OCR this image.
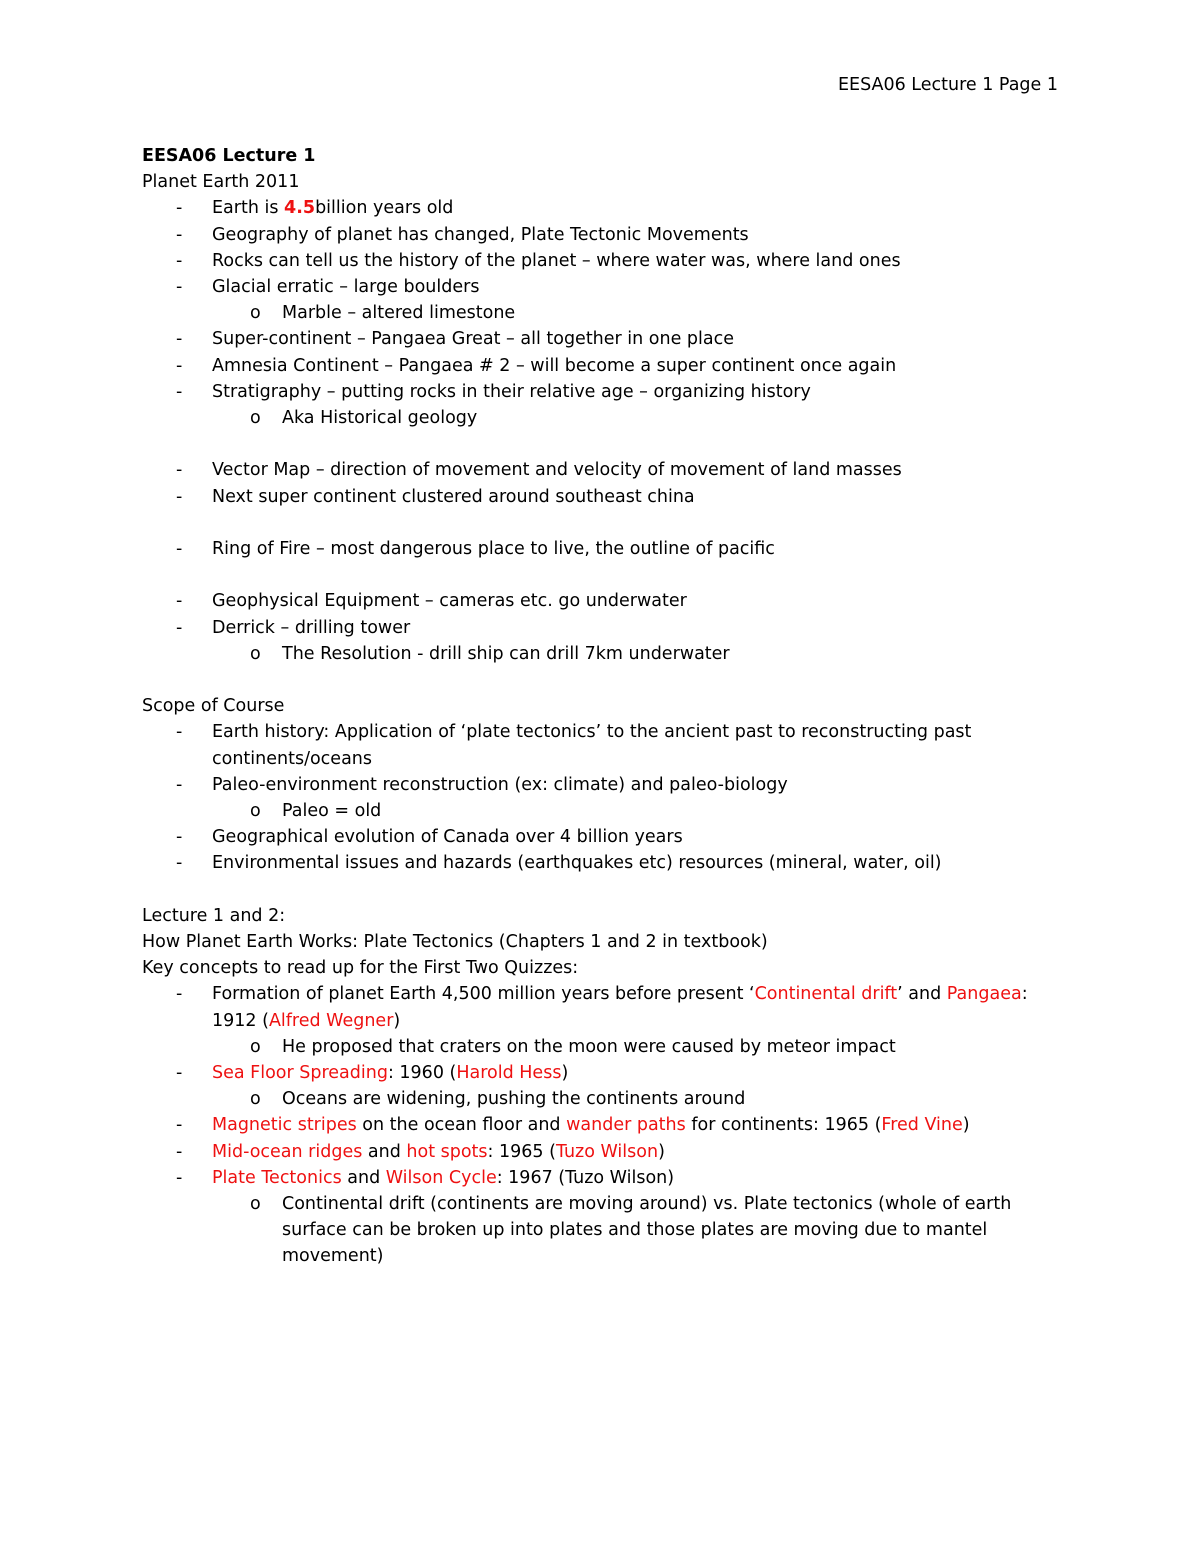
EESA06 Lecture 1 Page 1
EESA06 Lecture 1
Planet Earth 2011
- Earth is 4.5billion years old
- Geography of planet has changed, Plate Tectonic Movements
- Rocks can tell us the history of the planet – where water was, where land ones
- Glacial erratic – large boulders
o Marble – altered limestone
- Super-continent – Pangaea Great – all together in one place
- Amnesia Continent – Pangaea # 2 – will become a super continent once again
- Stratigraphy – putting rocks in their relative age – organizing history
o Aka Historical geology
- Vector Map – direction of movement and velocity of movement of land masses
- Next super continent clustered around southeast china
- Ring of Fire – most dangerous place to live, the outline of pacific
- Geophysical Equipment – cameras etc. go underwater
- Derrick – drilling tower
o The Resolution - drill ship can drill 7km underwater
Scope of Course
- Earth history: Application of ‘plate tectonics’ to the ancient past to reconstructing past continents/oceans
- Paleo-environment reconstruction (ex: climate) and paleo-biology
o Paleo = old
- Geographical evolution of Canada over 4 billion years
- Environmental issues and hazards (earthquakes etc) resources (mineral, water, oil)
Lecture 1 and 2:
How Planet Earth Works: Plate Tectonics (Chapters 1 and 2 in textbook)
Key concepts to read up for the First Two Quizzes:
- Formation of planet Earth 4,500 million years before present ‘Continental drift’ and Pangaea: 1912 (Alfred Wegner)
o He proposed that craters on the moon were caused by meteor impact
- Sea Floor Spreading: 1960 (Harold Hess)
o Oceans are widening, pushing the continents around
- Magnetic stripes on the ocean floor and wander paths for continents: 1965 (Fred Vine)
- Mid-ocean ridges and hot spots: 1965 (Tuzo Wilson)
- Plate Tectonics and Wilson Cycle: 1967 (Tuzo Wilson)
o Continental drift (continents are moving around) vs. Plate tectonics (whole of earth surface can be broken up into plates and those plates are moving due to mantel movement)
